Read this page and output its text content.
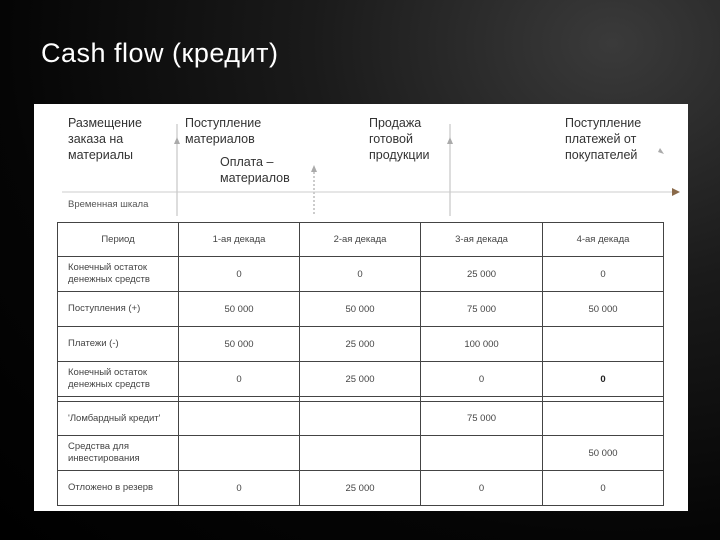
Cash flow (кредит)
Размещение заказа на материалы
Поступление материалов
Оплата – материалов
Продажа готовой продукции
Поступление платежей от покупателей
Временная шкала
Период	1-ая декада	2-ая декада	3-ая декада	4-ая декада
Конечный остаток денежных средств	0	0	25 000	0
Поступления (+)	50 000	50 000	75 000	50 000
Платежи (-)	50 000	25 000	100 000	
Конечный остаток денежных средств	0	25 000	0	0

'Ломбардный кредит'			75 000	
Средства для инвестирования				50 000
Отложено в резерв	0	25 000	0	0
